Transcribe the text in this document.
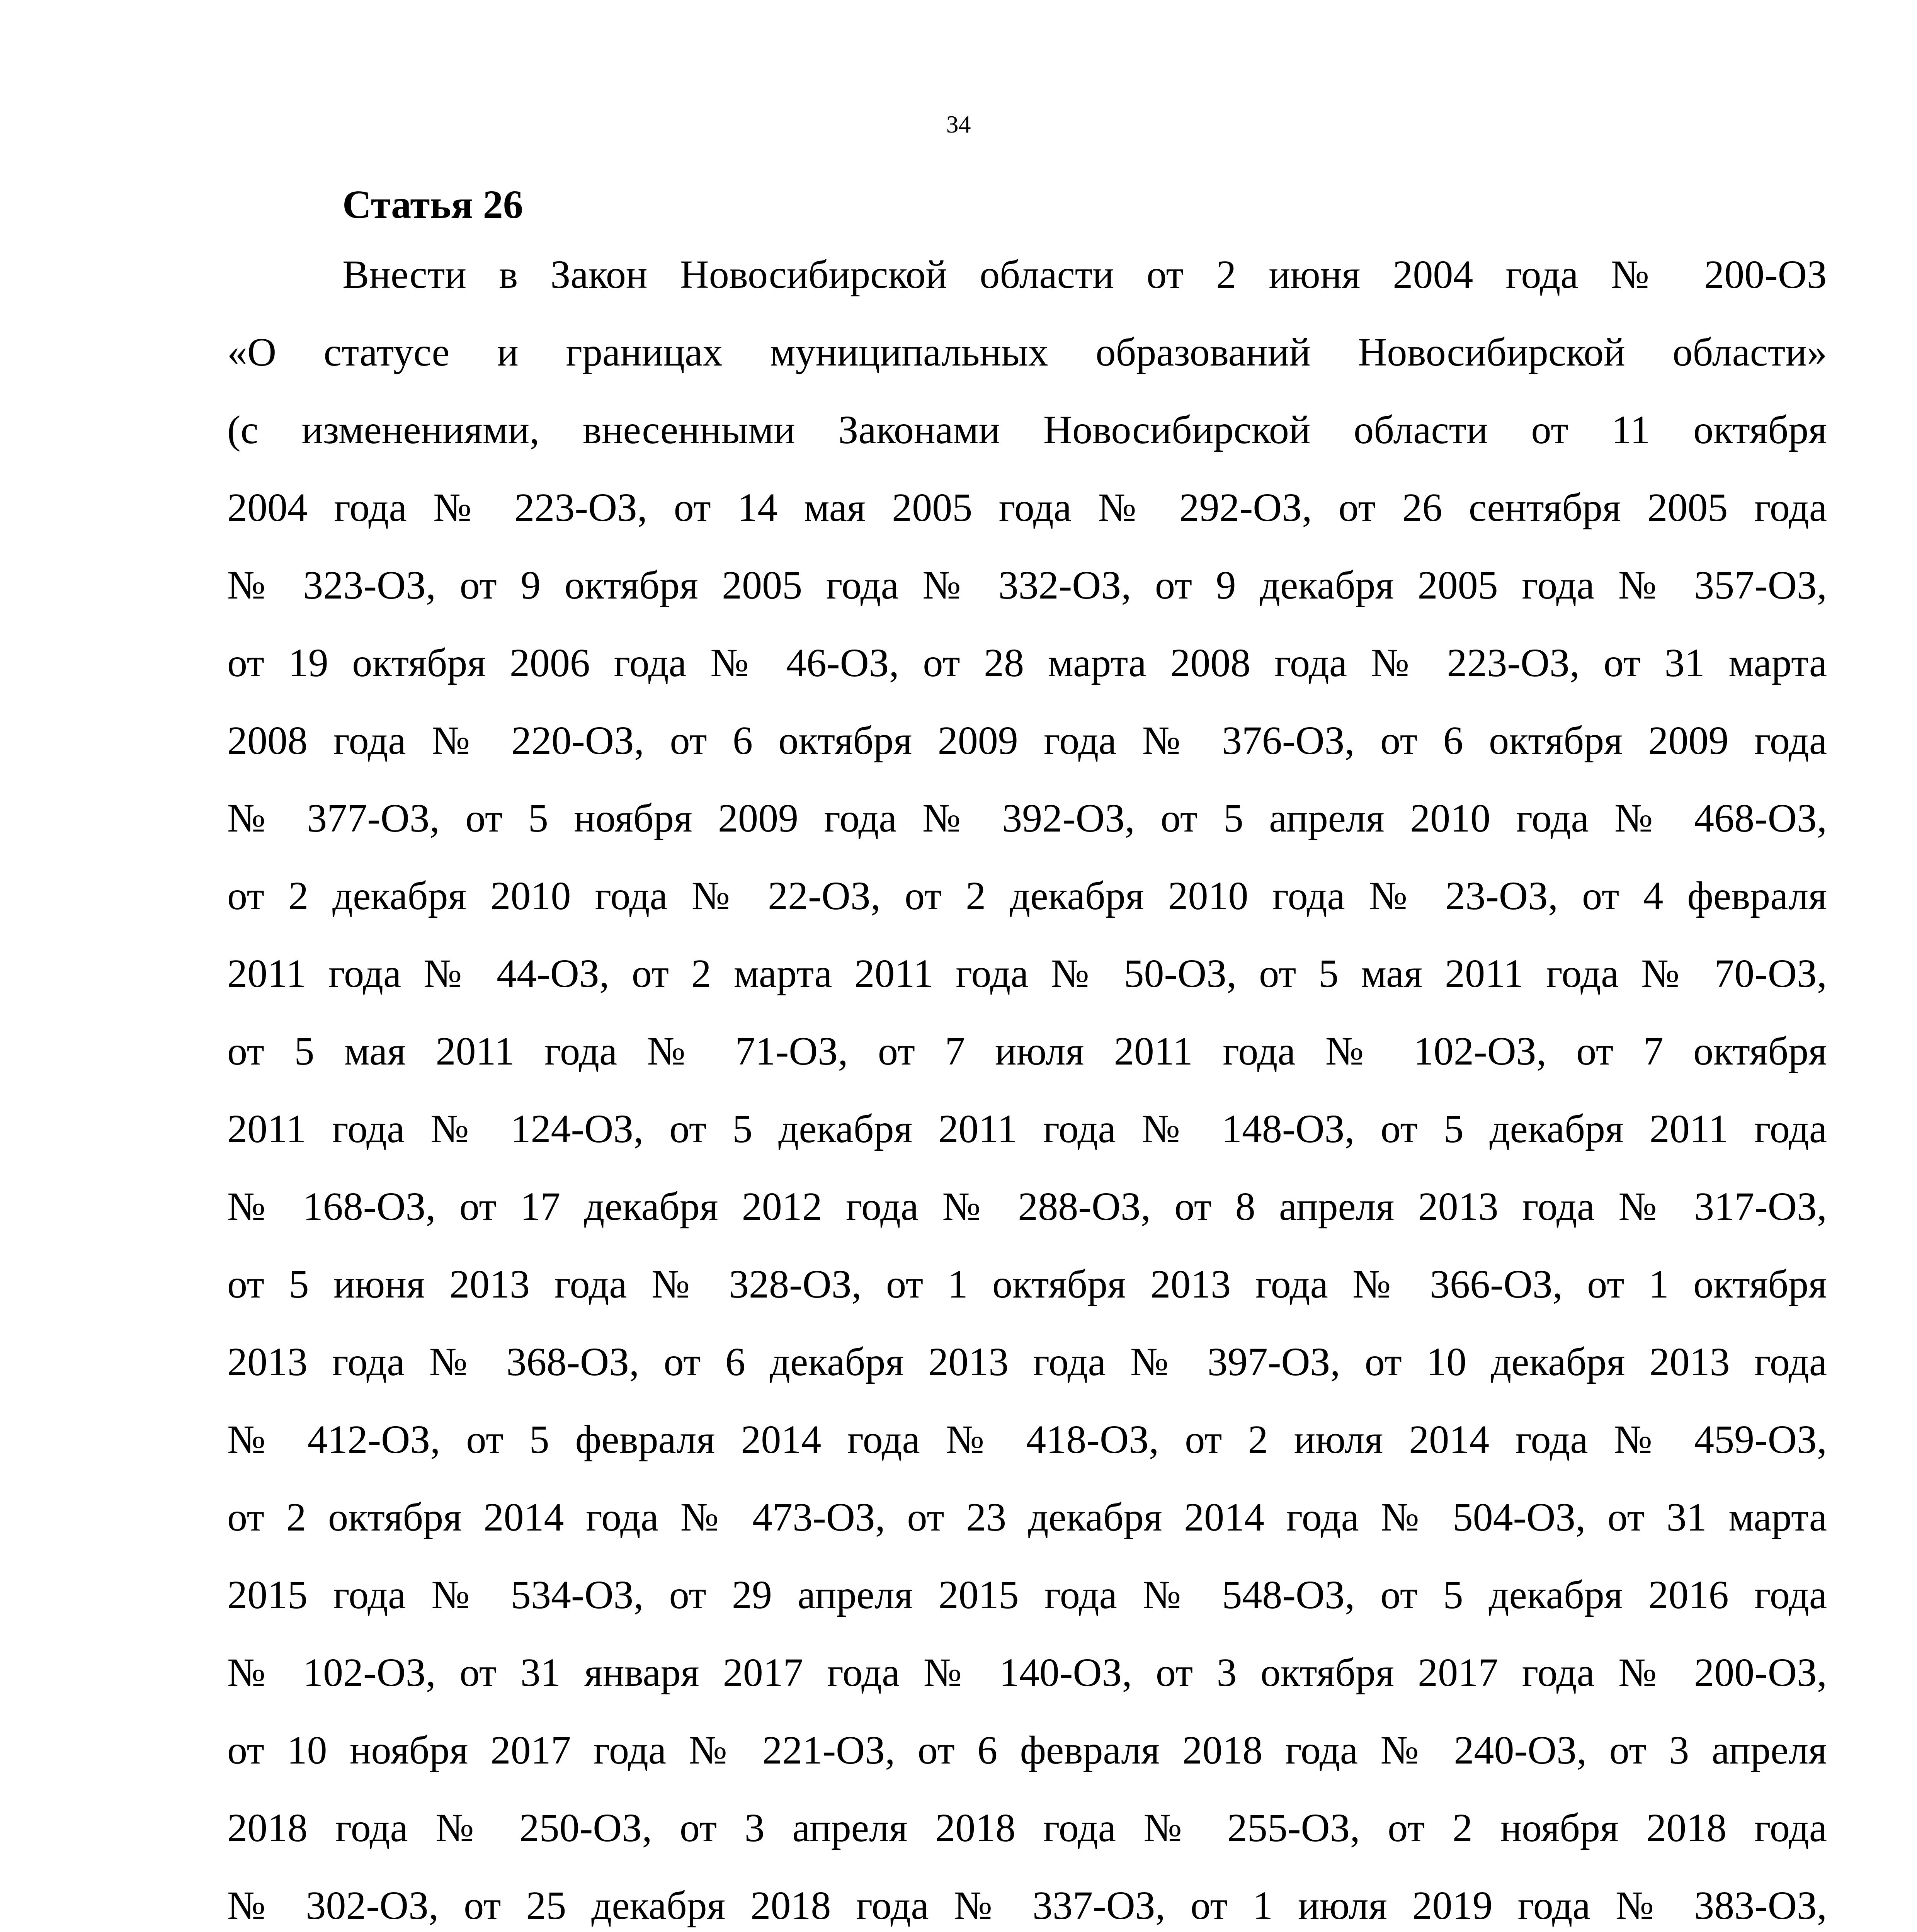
34
Статья 26
Внести в Закон Новосибирской области от 2 июня 2004 года № 200-ОЗ
«О статусе и границах муниципальных образований Новосибирской области»
(с изменениями, внесенными Законами Новосибирской области от 11 октября
2004 года № 223-ОЗ, от 14 мая 2005 года № 292-ОЗ, от 26 сентября 2005 года
№ 323-ОЗ, от 9 октября 2005 года № 332-ОЗ, от 9 декабря 2005 года № 357-ОЗ,
от 19 октября 2006 года № 46-ОЗ, от 28 марта 2008 года № 223-ОЗ, от 31 марта
2008 года № 220-ОЗ, от 6 октября 2009 года № 376-ОЗ, от 6 октября 2009 года
№ 377-ОЗ, от 5 ноября 2009 года № 392-ОЗ, от 5 апреля 2010 года № 468-ОЗ,
от 2 декабря 2010 года № 22-ОЗ, от 2 декабря 2010 года № 23-ОЗ, от 4 февраля
2011 года № 44-ОЗ, от 2 марта 2011 года № 50-ОЗ, от 5 мая 2011 года № 70-ОЗ,
от 5 мая 2011 года № 71-ОЗ, от 7 июля 2011 года № 102-ОЗ, от 7 октября
2011 года № 124-ОЗ, от 5 декабря 2011 года № 148-ОЗ, от 5 декабря 2011 года
№ 168-ОЗ, от 17 декабря 2012 года № 288-ОЗ, от 8 апреля 2013 года № 317-ОЗ,
от 5 июня 2013 года № 328-ОЗ, от 1 октября 2013 года № 366-ОЗ, от 1 октября
2013 года № 368-ОЗ, от 6 декабря 2013 года № 397-ОЗ, от 10 декабря 2013 года
№ 412-ОЗ, от 5 февраля 2014 года № 418-ОЗ, от 2 июля 2014 года № 459-ОЗ,
от 2 октября 2014 года № 473-ОЗ, от 23 декабря 2014 года № 504-ОЗ, от 31 марта
2015 года № 534-ОЗ, от 29 апреля 2015 года № 548-ОЗ, от 5 декабря 2016 года
№ 102-ОЗ, от 31 января 2017 года № 140-ОЗ, от 3 октября 2017 года № 200-ОЗ,
от 10 ноября 2017 года № 221-ОЗ, от 6 февраля 2018 года № 240-ОЗ, от 3 апреля
2018 года № 250-ОЗ, от 3 апреля 2018 года № 255-ОЗ, от 2 ноября 2018 года
№ 302-ОЗ, от 25 декабря 2018 года № 337-ОЗ, от 1 июля 2019 года № 383-ОЗ,
